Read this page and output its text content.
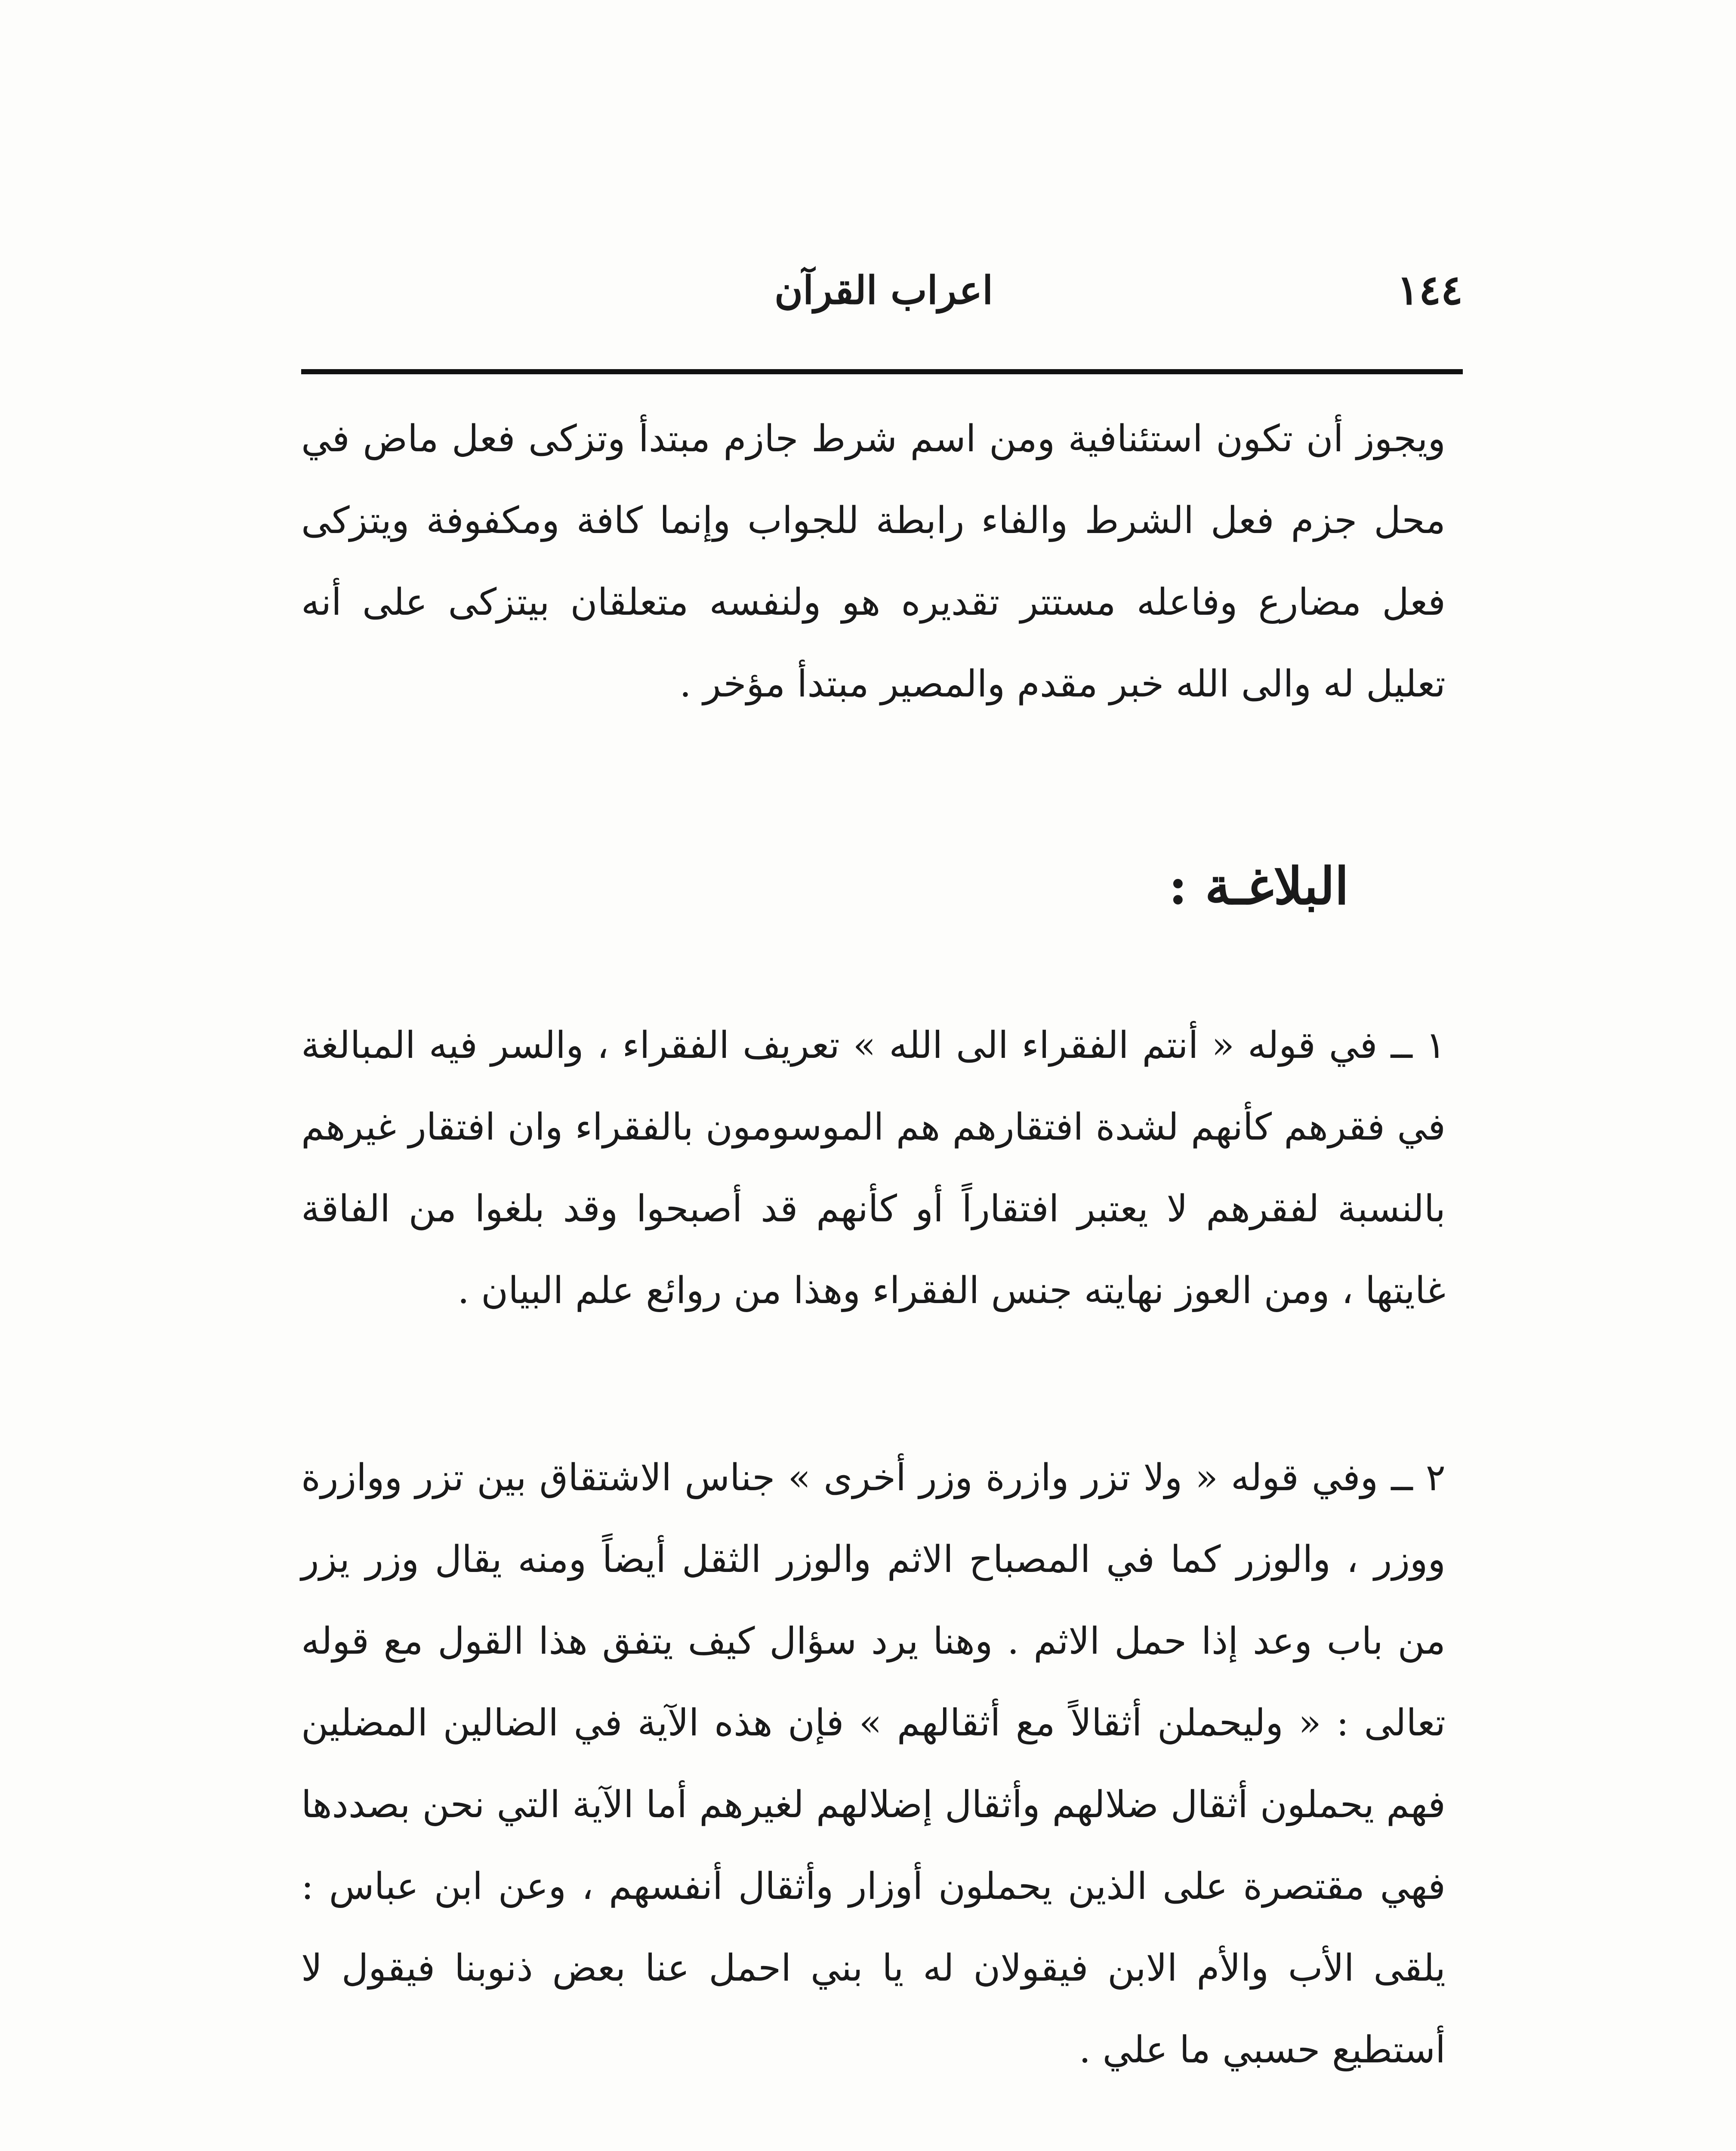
١٤٤
اعراب القرآن

ويجوز أن تكون استئنافية ومن اسم شرط جازم مبتدأ وتزكى فعل ماض في محل جزم فعل الشرط والفاء رابطة للجواب وإنما كافة ومكفوفة ويتزكى فعل مضارع وفاعله مستتر تقديره هو ولنفسه متعلقان بيتزكى على أنه تعليل له والى الله خبر مقدم والمصير مبتدأ مؤخر .

البلاغـة :

١ ــ في قوله « أنتم الفقراء الى الله » تعريف الفقراء ، والسر فيه المبالغة في فقرهم كأنهم لشدة افتقارهم هم الموسومون بالفقراء وان افتقار غيرهم بالنسبة لفقرهم لا يعتبر افتقاراً أو كأنهم قد أصبحوا وقد بلغوا من الفاقة غايتها ، ومن العوز نهايته جنس الفقراء وهذا من روائع علم البيان .

٢ ــ وفي قوله « ولا تزر وازرة وزر أخرى » جناس الاشتقاق بين تزر ووازرة ووزر ، والوزر كما في المصباح الاثم والوزر الثقل أيضاً ومنه يقال وزر يزر من باب وعد إذا حمل الاثم . وهنا يرد سؤال كيف يتفق هذا القول مع قوله تعالى : « وليحملن أثقالاً مع أثقالهم » فإن هذه الآية في الضالين المضلين فهم يحملون أثقال ضلالهم وأثقال إضلالهم لغيرهم أما الآية التي نحن بصددها فهي مقتصرة على الذين يحملون أوزار وأثقال أنفسهم ، وعن ابن عباس : يلقى الأب والأم الابن فيقولان له يا بني احمل عنا بعض ذنوبنا فيقول لا أستطيع حسبي ما علي .
